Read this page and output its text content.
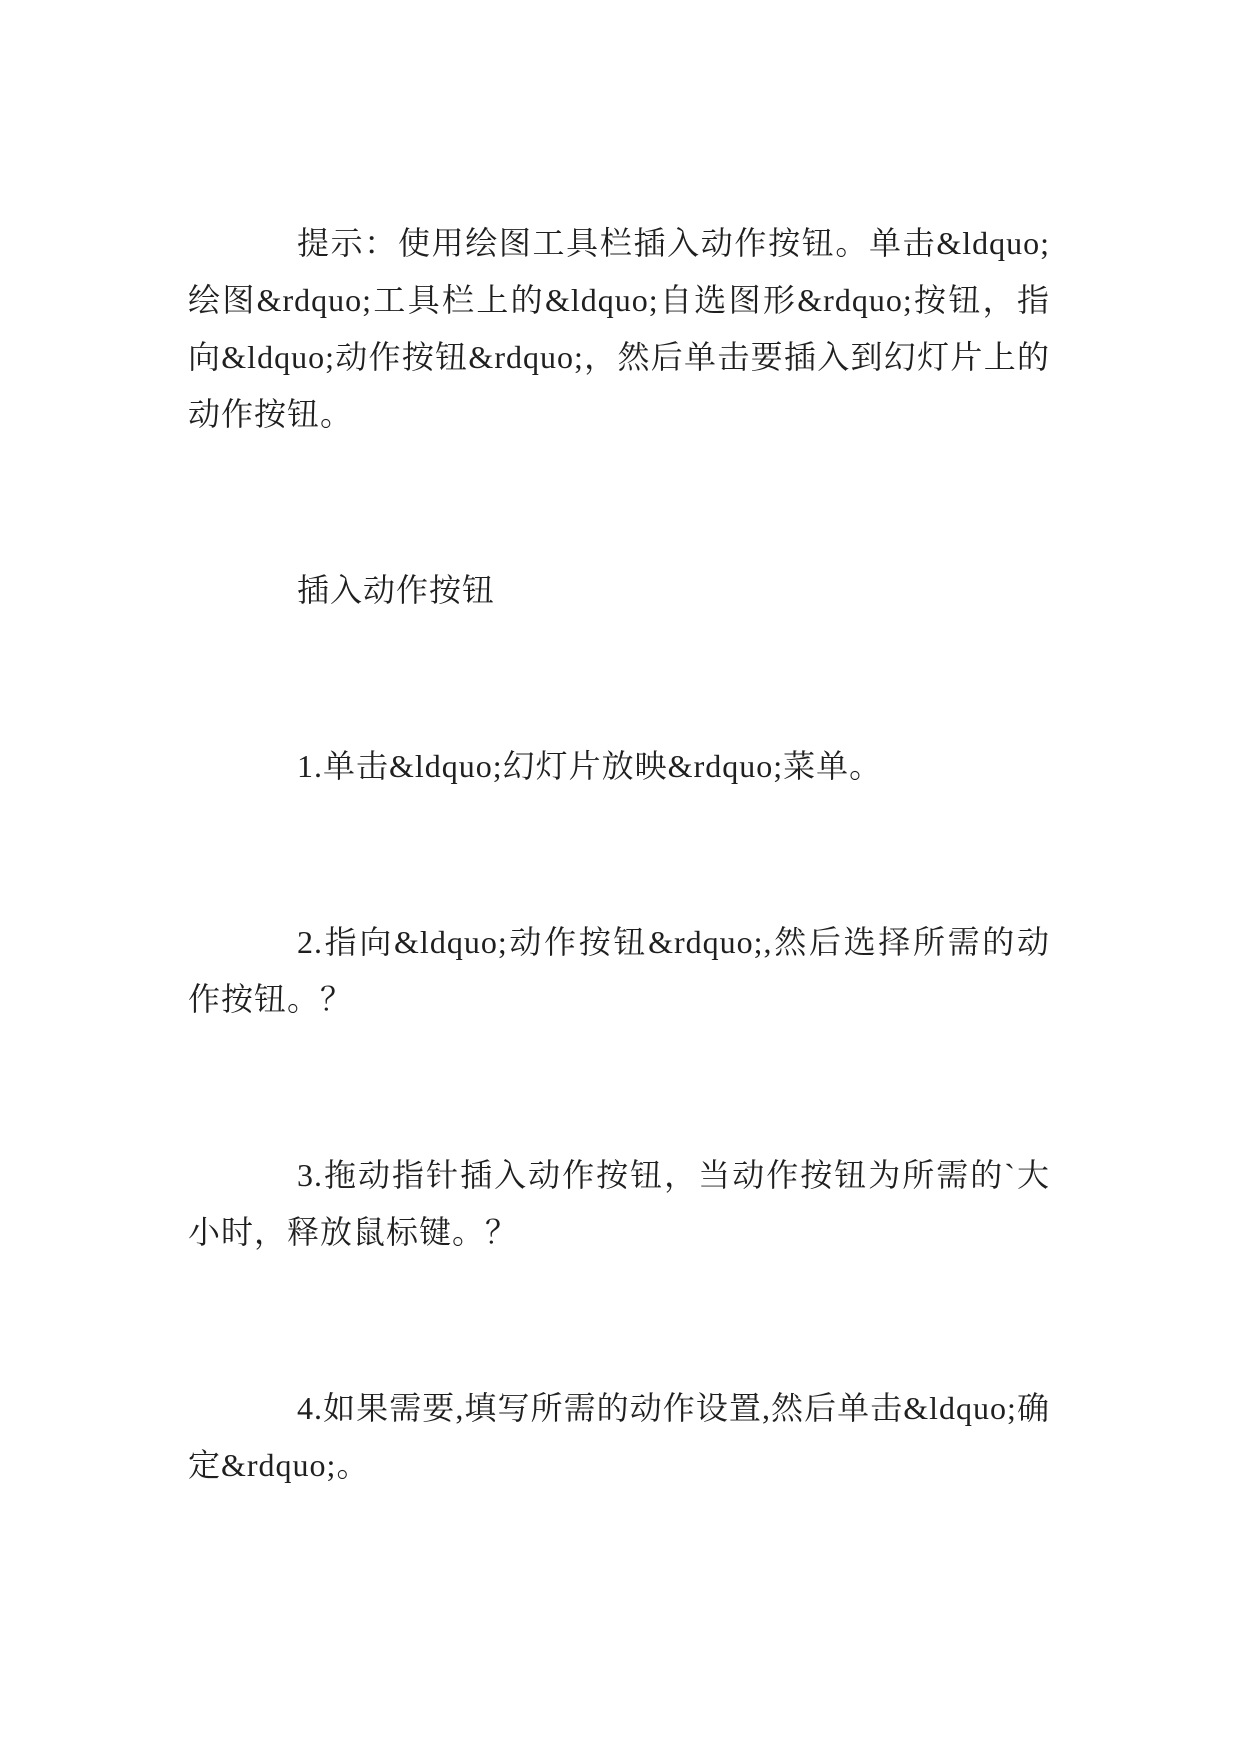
提示：使用绘图工具栏插入动作按钮。单击&ldquo;绘图&rdquo;工具栏上的&ldquo;自选图形&rdquo;按钮，指向&ldquo;动作按钮&rdquo;，然后单击要插入到幻灯片上的动作按钮。

插入动作按钮

1.单击&ldquo;幻灯片放映&rdquo;菜单。

2.指向&ldquo;动作按钮&rdquo;,然后选择所需的动作按钮。？

3.拖动指针插入动作按钮，当动作按钮为所需的`大小时，释放鼠标键。？

4.如果需要,填写所需的动作设置,然后单击&ldquo;确定&rdquo;。
